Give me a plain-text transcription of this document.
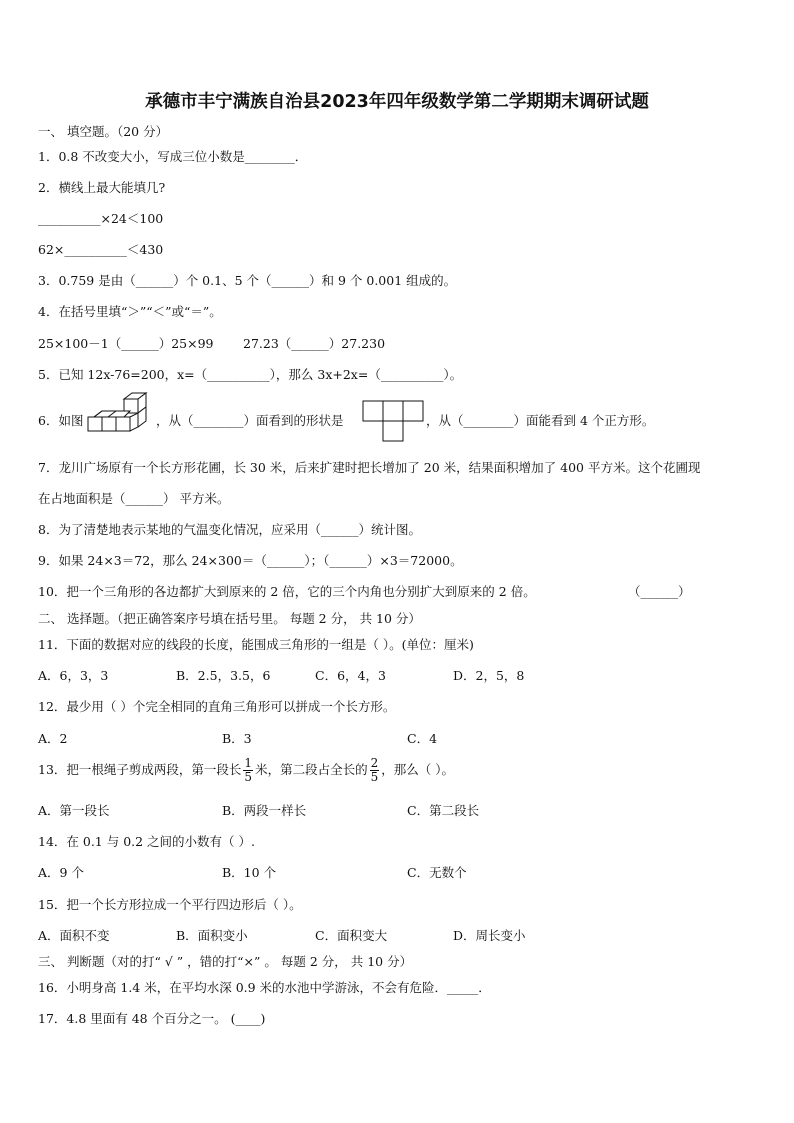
承德市丰宁满族自治县2023年四年级数学第二学期期末调研试题
一、 填空题。（20 分）
1．0.8 不改变大小，写成三位小数是________．
2．横线上最大能填几?
__________×24＜100
62×__________＜430
3．0.759 是由（______）个 0.1、5 个（______）和 9 个 0.001 组成的。
4．在括号里填“＞”“＜”或“＝”。
25×100－1（______）25×99 27.23（______）27.230
5．已知 12x-76=200，x=（__________），那么 3x+2x=（__________）。
6．如图	，从（________）面看到的形状是	，从（________）面能看到 4 个正方形。
7．龙川广场原有一个长方形花圃，长 30 米，后来扩建时把长增加了 20 米，结果面积增加了 400 平方米。这个花圃现
在占地面积是（______） 平方米。
8．为了清楚地表示某地的气温变化情况，应采用（______）统计图。
9．如果 24×3＝72，那么 24×300＝（______）；（______）×3＝72000。
10．把一个三角形的各边都扩大到原来的 2 倍，它的三个内角也分别扩大到原来的 2 倍。	（______）
二、 选择题。（把正确答案序号填在括号里。 每题 2 分， 共 10 分）
11．下面的数据对应的线段的长度，能围成三角形的一组是（ ）。(单位：厘米)
A．6，3，3	B．2.5，3.5，6	C．6，4，3	D．2，5，8
12．最少用（ ）个完全相同的直角三角形可以拼成一个长方形。
A．2	B．3	C．4
13．把一根绳子剪成两段，第一段长 $\frac{1}{5}$ 米，第二段占全长的 $\frac{2}{5}$ ，那么（ ）。
A．第一段长	B．两段一样长	C．第二段长
14．在 0.1 与 0.2 之间的小数有（ ）.
A．9 个	B．10 个	C．无数个
15．把一个长方形拉成一个平行四边形后（ ）。
A．面积不变	B．面积变小	C．面积变大	D．周长变小
三、 判断题（对的打“ √ ” ，错的打“×” 。 每题 2 分， 共 10 分）
16．小明身高 1.4 米，在平均水深 0.9 米的水池中学游泳，不会有危险．_____．
17．4.8 里面有 48 个百分之一。 (____)
